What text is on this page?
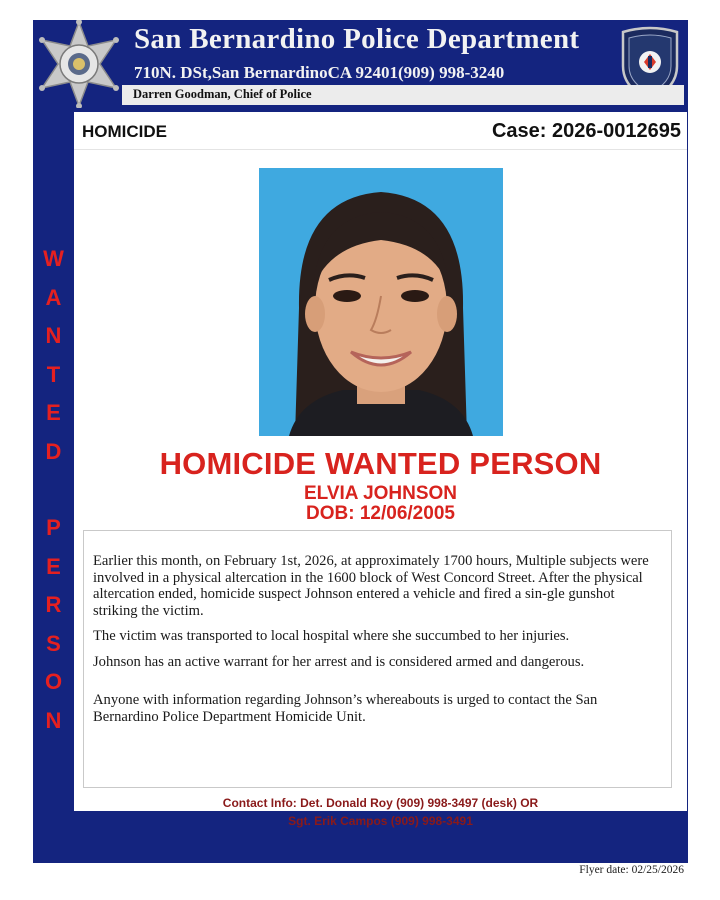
San Bernardino Police Department
710N. DSt,San BernardinoCA 92401(909) 998-3240
Darren Goodman, Chief of Police
W
A
N
T
E
D
P
E
R
S
O
N
HOMICIDE	Case: 2026-0012695
HOMICIDE WANTED PERSON
ELVIA JOHNSON
DOB: 12/06/2005

Earlier this month, on February 1st, 2026, at approximately 1700 hours, Multiple subjects were involved in a physical altercation in the 1600 block of West Concord Street. After the physical altercation ended, homicide suspect Johnson entered a vehicle and fired a sin-gle gunshot striking the victim.

The victim was transported to local hospital where she succumbed to her injuries.

Johnson has an active warrant for her arrest and is considered armed and dangerous.

Anyone with information regarding Johnson’s whereabouts is urged to contact the San Bernardino Police Department Homicide Unit.

Contact Info: Det. Donald Roy (909) 998-3497 (desk) OR
Sgt. Erik Campos (909) 998-3491
Flyer date: 02/25/2026
